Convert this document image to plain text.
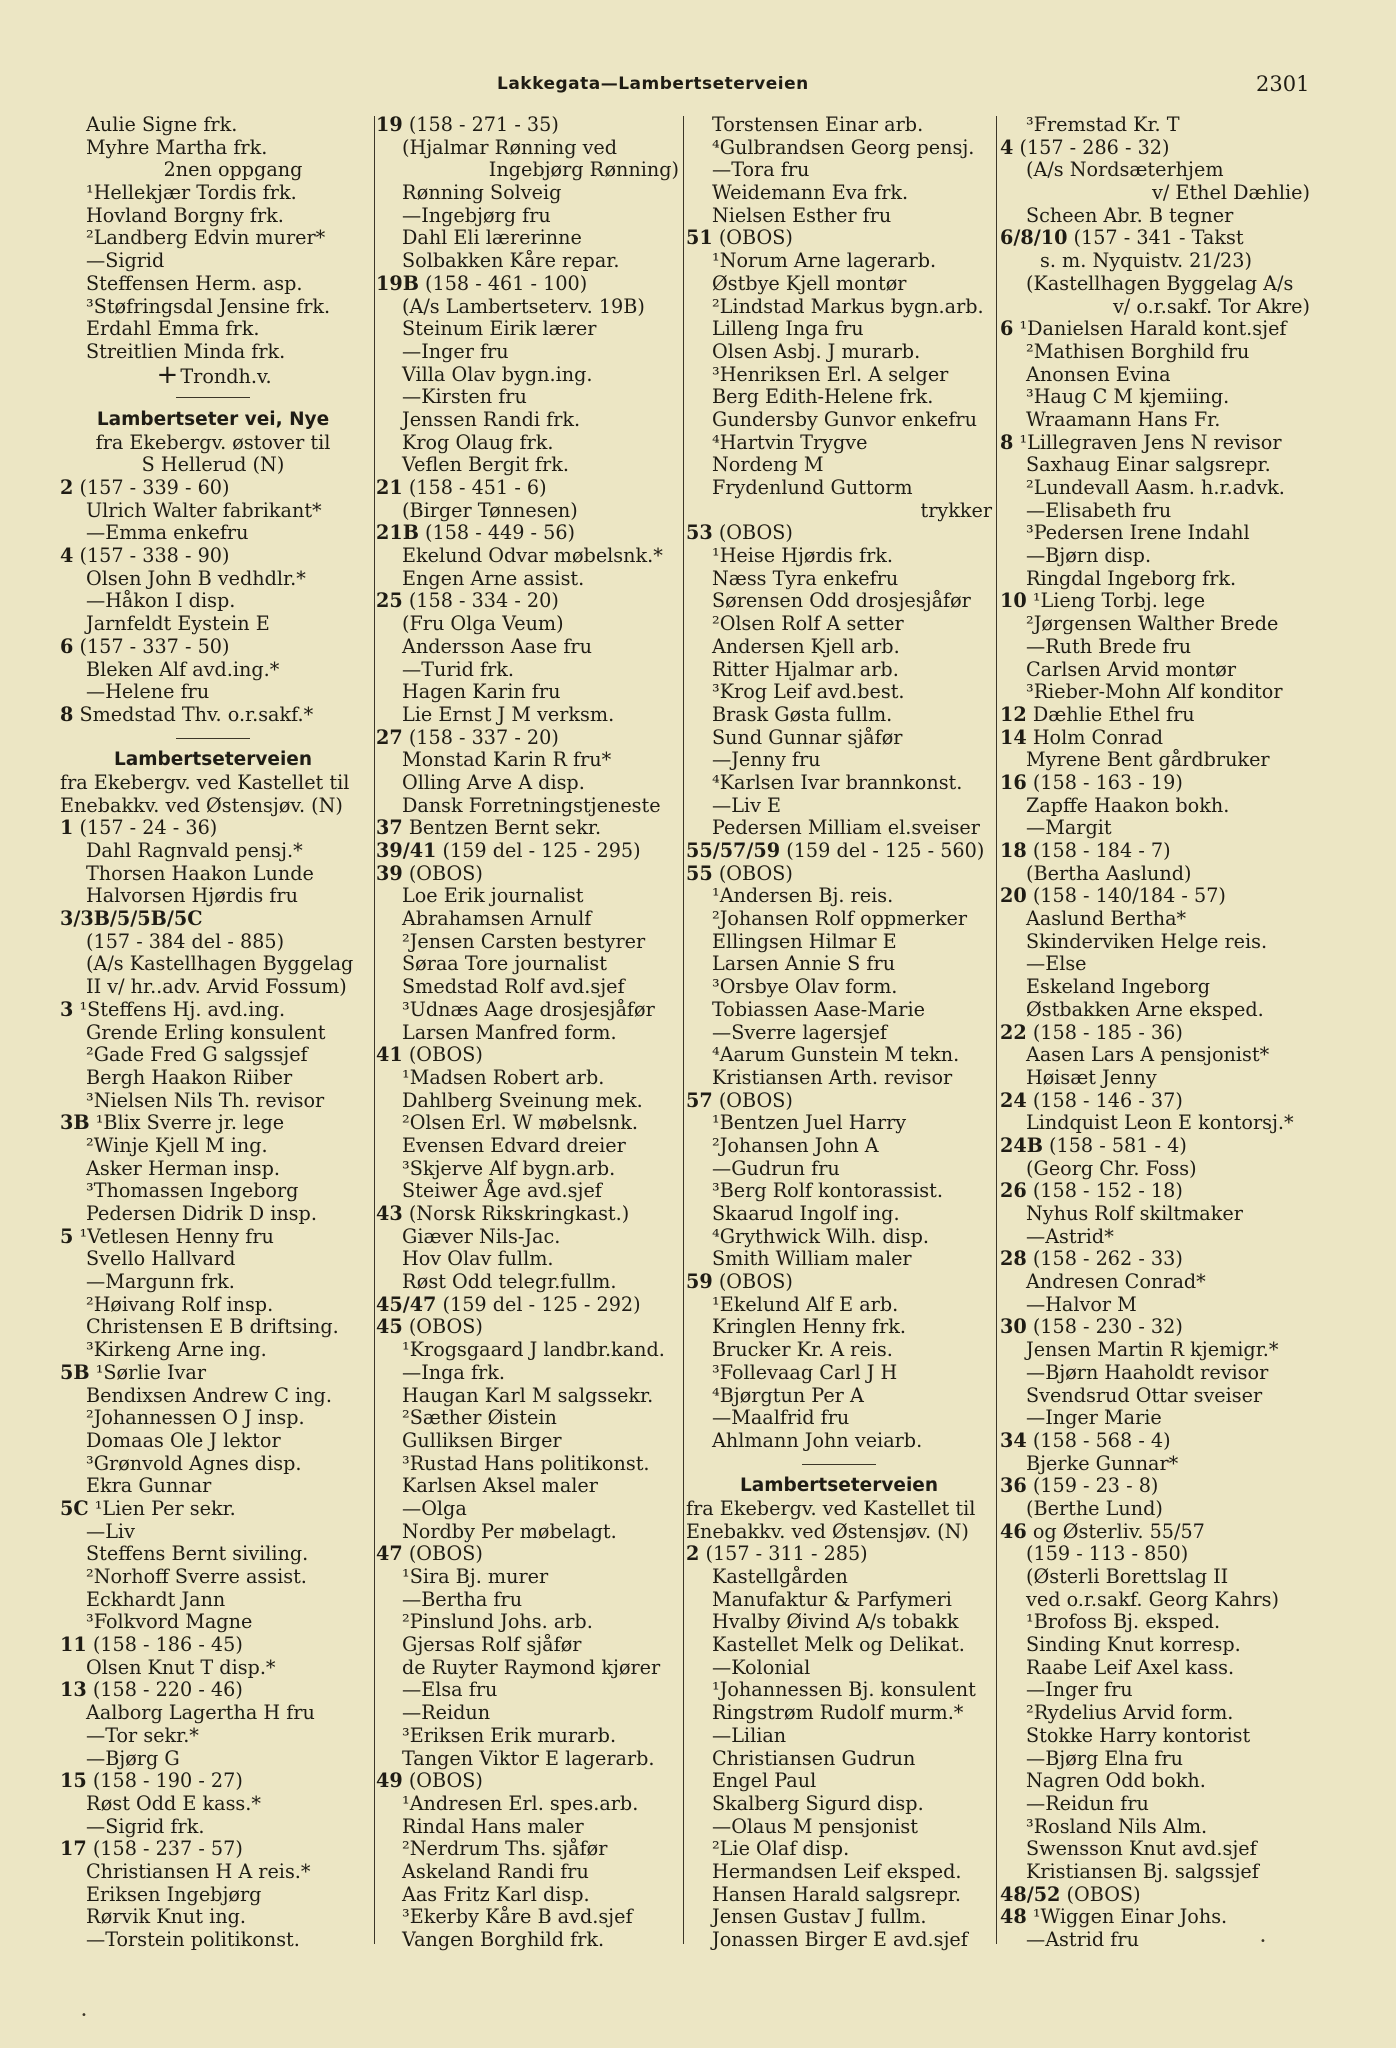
Lakkegata—Lambertseterveien	2301
Aulie Signe frk.
Myhre Martha frk.
2nen oppgang
¹Hellekjær Tordis frk.
Hovland Borgny frk.
²Landberg Edvin murer*
—Sigrid
Steffensen Herm. asp.
³Støfringsdal Jensine frk.
Erdahl Emma frk.
Streitlien Minda frk.
+ Trondh.v.
Lambertseter vei, Nye
fra Ekebergv. østover til
S Hellerud (N)
2 (157 - 339 - 60)
Ulrich Walter fabrikant*
—Emma enkefru
4 (157 - 338 - 90)
Olsen John B vedhdlr.*
—Håkon I disp.
Jarnfeldt Eystein E
6 (157 - 337 - 50)
Bleken Alf avd.ing.*
—Helene fru
8 Smedstad Thv. o.r.sakf.*
Lambertseterveien
fra Ekebergv. ved Kastellet til
Enebakkv. ved Østensjøv. (N)
1 (157 - 24 - 36)
Dahl Ragnvald pensj.*
Thorsen Haakon Lunde
Halvorsen Hjørdis fru
3/3B/5/5B/5C
(157 - 384 del - 885)
(A/s Kastellhagen Byggelag
II v/ hr..adv. Arvid Fossum)
3 ¹Steffens Hj. avd.ing.
Grende Erling konsulent
²Gade Fred G salgssjef
Bergh Haakon Riiber
³Nielsen Nils Th. revisor
3B ¹Blix Sverre jr. lege
²Winje Kjell M ing.
Asker Herman insp.
³Thomassen Ingeborg
Pedersen Didrik D insp.
5 ¹Vetlesen Henny fru
Svello Hallvard
—Margunn frk.
²Høivang Rolf insp.
Christensen E B driftsing.
³Kirkeng Arne ing.
5B ¹Sørlie Ivar
Bendixsen Andrew C ing.
²Johannessen O J insp.
Domaas Ole J lektor
³Grønvold Agnes disp.
Ekra Gunnar
5C ¹Lien Per sekr.
—Liv
Steffens Bernt siviling.
²Norhoff Sverre assist.
Eckhardt Jann
³Folkvord Magne
11 (158 - 186 - 45)
Olsen Knut T disp.*
13 (158 - 220 - 46)
Aalborg Lagertha H fru
—Tor sekr.*
—Bjørg G
15 (158 - 190 - 27)
Røst Odd E kass.*
—Sigrid frk.
17 (158 - 237 - 57)
Christiansen H A reis.*
Eriksen Ingebjørg
Rørvik Knut ing.
—Torstein politikonst.
19 (158 - 271 - 35)
(Hjalmar Rønning ved
Ingebjørg Rønning)
Rønning Solveig
—Ingebjørg fru
Dahl Eli lærerinne
Solbakken Kåre repar.
19B (158 - 461 - 100)
(A/s Lambertseterv. 19B)
Steinum Eirik lærer
—Inger fru
Villa Olav bygn.ing.
—Kirsten fru
Jenssen Randi frk.
Krog Olaug frk.
Veflen Bergit frk.
21 (158 - 451 - 6)
(Birger Tønnesen)
21B (158 - 449 - 56)
Ekelund Odvar møbelsnk.*
Engen Arne assist.
25 (158 - 334 - 20)
(Fru Olga Veum)
Andersson Aase fru
—Turid frk.
Hagen Karin fru
Lie Ernst J M verksm.
27 (158 - 337 - 20)
Monstad Karin R fru*
Olling Arve A disp.
Dansk Forretningstjeneste
37 Bentzen Bernt sekr.
39/41 (159 del - 125 - 295)
39 (OBOS)
Loe Erik journalist
Abrahamsen Arnulf
²Jensen Carsten bestyrer
Søraa Tore journalist
Smedstad Rolf avd.sjef
³Udnæs Aage drosjesjåfør
Larsen Manfred form.
41 (OBOS)
¹Madsen Robert arb.
Dahlberg Sveinung mek.
²Olsen Erl. W møbelsnk.
Evensen Edvard dreier
³Skjerve Alf bygn.arb.
Steiwer Åge avd.sjef
43 (Norsk Rikskringkast.)
Giæver Nils-Jac.
Hov Olav fullm.
Røst Odd telegr.fullm.
45/47 (159 del - 125 - 292)
45 (OBOS)
¹Krogsgaard J landbr.kand.
—Inga frk.
Haugan Karl M salgssekr.
²Sæther Øistein
Gulliksen Birger
³Rustad Hans politikonst.
Karlsen Aksel maler
—Olga
Nordby Per møbelagt.
47 (OBOS)
¹Sira Bj. murer
—Bertha fru
²Pinslund Johs. arb.
Gjersas Rolf sjåfør
de Ruyter Raymond kjører
—Elsa fru
—Reidun
³Eriksen Erik murarb.
Tangen Viktor E lagerarb.
49 (OBOS)
¹Andresen Erl. spes.arb.
Rindal Hans maler
²Nerdrum Ths. sjåfør
Askeland Randi fru
Aas Fritz Karl disp.
³Ekerby Kåre B avd.sjef
Vangen Borghild frk.
Torstensen Einar arb.
⁴Gulbrandsen Georg pensj.
—Tora fru
Weidemann Eva frk.
Nielsen Esther fru
51 (OBOS)
¹Norum Arne lagerarb.
Østbye Kjell montør
²Lindstad Markus bygn.arb.
Lilleng Inga fru
Olsen Asbj. J murarb.
³Henriksen Erl. A selger
Berg Edith-Helene frk.
Gundersby Gunvor enkefru
⁴Hartvin Trygve
Nordeng M
Frydenlund Guttorm
trykker
53 (OBOS)
¹Heise Hjørdis frk.
Næss Tyra enkefru
Sørensen Odd drosjesjåfør
²Olsen Rolf A setter
Andersen Kjell arb.
Ritter Hjalmar arb.
³Krog Leif avd.best.
Brask Gøsta fullm.
Sund Gunnar sjåfør
—Jenny fru
⁴Karlsen Ivar brannkonst.
—Liv E
Pedersen Milliam el.sveiser
55/57/59 (159 del - 125 - 560)
55 (OBOS)
¹Andersen Bj. reis.
²Johansen Rolf oppmerker
Ellingsen Hilmar E
Larsen Annie S fru
³Orsbye Olav form.
Tobiassen Aase-Marie
—Sverre lagersjef
⁴Aarum Gunstein M tekn.
Kristiansen Arth. revisor
57 (OBOS)
¹Bentzen Juel Harry
²Johansen John A
—Gudrun fru
³Berg Rolf kontorassist.
Skaarud Ingolf ing.
⁴Grythwick Wilh. disp.
Smith William maler
59 (OBOS)
¹Ekelund Alf E arb.
Kringlen Henny frk.
Brucker Kr. A reis.
³Follevaag Carl J H
⁴Bjørgtun Per A
—Maalfrid fru
Ahlmann John veiarb.
Lambertseterveien
fra Ekebergv. ved Kastellet til
Enebakkv. ved Østensjøv. (N)
2 (157 - 311 - 285)
Kastellgården
Manufaktur & Parfymeri
Hvalby Øivind A/s tobakk
Kastellet Melk og Delikat.
—Kolonial
¹Johannessen Bj. konsulent
Ringstrøm Rudolf murm.*
—Lilian
Christiansen Gudrun
Engel Paul
Skalberg Sigurd disp.
—Olaus M pensjonist
²Lie Olaf disp.
Hermandsen Leif eksped.
Hansen Harald salgsrepr.
Jensen Gustav J fullm.
Jonassen Birger E avd.sjef
³Fremstad Kr. T
4 (157 - 286 - 32)
(A/s Nordsæterhjem
v/ Ethel Dæhlie)
Scheen Abr. B tegner
6/8/10 (157 - 341 - Takst
s. m. Nyquistv. 21/23)
(Kastellhagen Byggelag A/s
v/ o.r.sakf. Tor Akre)
6 ¹Danielsen Harald kont.sjef
²Mathisen Borghild fru
Anonsen Evina
³Haug C M kjemiing.
Wraamann Hans Fr.
8 ¹Lillegraven Jens N revisor
Saxhaug Einar salgsrepr.
²Lundevall Aasm. h.r.advk.
—Elisabeth fru
³Pedersen Irene Indahl
—Bjørn disp.
Ringdal Ingeborg frk.
10 ¹Lieng Torbj. lege
²Jørgensen Walther Brede
—Ruth Brede fru
Carlsen Arvid montør
³Rieber-Mohn Alf konditor
12 Dæhlie Ethel fru
14 Holm Conrad
Myrene Bent gårdbruker
16 (158 - 163 - 19)
Zapffe Haakon bokh.
—Margit
18 (158 - 184 - 7)
(Bertha Aaslund)
20 (158 - 140/184 - 57)
Aaslund Bertha*
Skinderviken Helge reis.
—Else
Eskeland Ingeborg
Østbakken Arne eksped.
22 (158 - 185 - 36)
Aasen Lars A pensjonist*
Høisæt Jenny
24 (158 - 146 - 37)
Lindquist Leon E kontorsj.*
24B (158 - 581 - 4)
(Georg Chr. Foss)
26 (158 - 152 - 18)
Nyhus Rolf skiltmaker
—Astrid*
28 (158 - 262 - 33)
Andresen Conrad*
—Halvor M
30 (158 - 230 - 32)
Jensen Martin R kjemigr.*
—Bjørn Haaholdt revisor
Svendsrud Ottar sveiser
—Inger Marie
34 (158 - 568 - 4)
Bjerke Gunnar*
36 (159 - 23 - 8)
(Berthe Lund)
46 og Østerliv. 55/57
(159 - 113 - 850)
(Østerli Borettslag II
ved o.r.sakf. Georg Kahrs)
¹Brofoss Bj. eksped.
Sinding Knut korresp.
Raabe Leif Axel kass.
—Inger fru
²Rydelius Arvid form.
Stokke Harry kontorist
—Bjørg Elna fru
Nagren Odd bokh.
—Reidun fru
³Rosland Nils Alm.
Swensson Knut avd.sjef
Kristiansen Bj. salgssjef
48/52 (OBOS)
48 ¹Wiggen Einar Johs.
—Astrid fru	•
•
